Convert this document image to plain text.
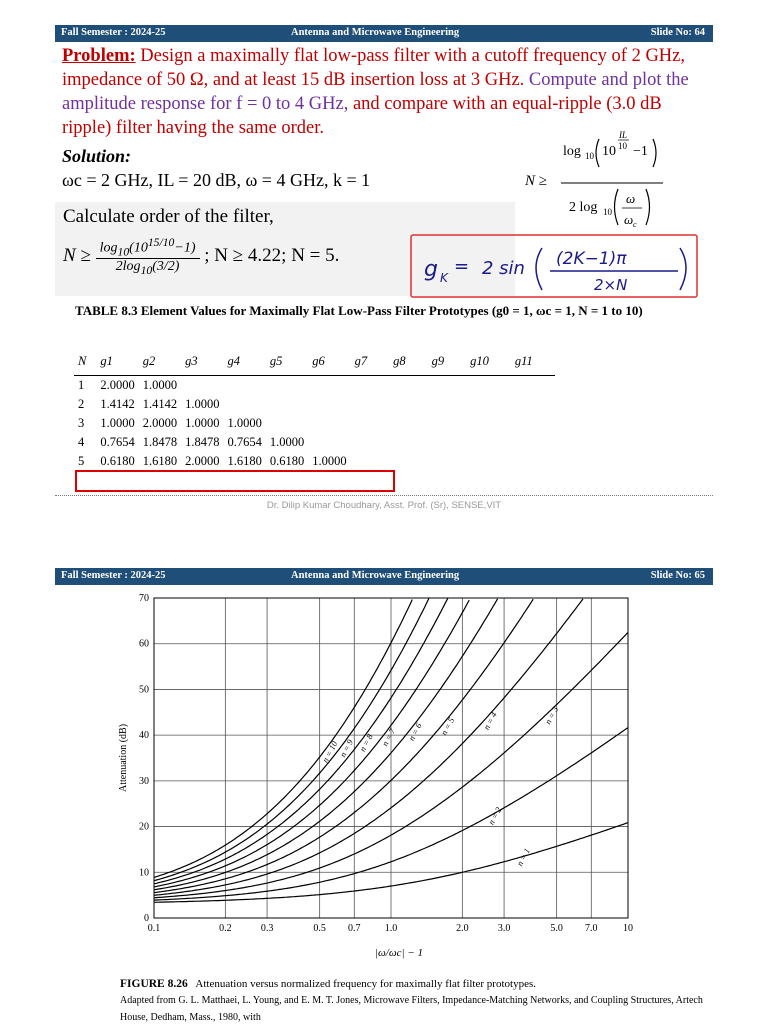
Fall Semester : 2024-25	Antenna and Microwave Engineering	Slide No: 64
Problem: Design a maximally flat low-pass filter with a cutoff frequency of 2 GHz, impedance of 50 Ω, and at least 15 dB insertion loss at 3 GHz. Compute and plot the amplitude response for f = 0 to 4 GHz, and compare with an equal-ripple (3.0 dB ripple) filter having the same order.
N ≥
log 10 10
IL
10 −1
2 log 10
ω
ω c
Solution:
ωc = 2 GHz, IL = 20 dB, ω = 4 GHz, k = 1
Calculate order of the filter,
$N \ge \frac{\log_{10}(10^{15/10}-1)}{2\log_{10}(3/2)}$ ; N ≥ 4.22; N = 5.
g K
= 2 sin (2K−1)π
2×N
TABLE 8.3 Element Values for Maximally Flat Low-Pass Filter Prototypes (g0 = 1, ωc = 1, N = 1 to 10)
N	g1	g2	g3	g4	g5	g6	g7	g8	g9	g10	g11
1	2.0000	1.0000									
2	1.4142	1.4142	1.0000								
3	1.0000	2.0000	1.0000	1.0000							
4	0.7654	1.8478	1.8478	0.7654	1.0000						
5	0.6180	1.6180	2.0000	1.6180	0.6180	1.0000					
Dr. Dilip Kumar Choudhary, Asst. Prof. (Sr), SENSE,VIT
Fall Semester : 2024-25	Antenna and Microwave Engineering	Slide No: 65
0.1	0.2	0.3	0.5 0.7 1.0	2.0	3.0	5.0 7.0	10
0
10
20
30
40
50
60
70
Attenuation (dB)
|ω/ωc| − 1
n = 1
n = 2
n = 3
n = 4
n = 5
n = 6
n = 7
n = 8
n = 9
n = 10
FIGURE 8.26 Attenuation versus normalized frequency for maximally flat filter prototypes.
Adapted from G. L. Matthaei, L. Young, and E. M. T. Jones, Microwave Filters, Impedance-Matching Networks, and Coupling Structures, Artech House, Dedham, Mass., 1980, with
